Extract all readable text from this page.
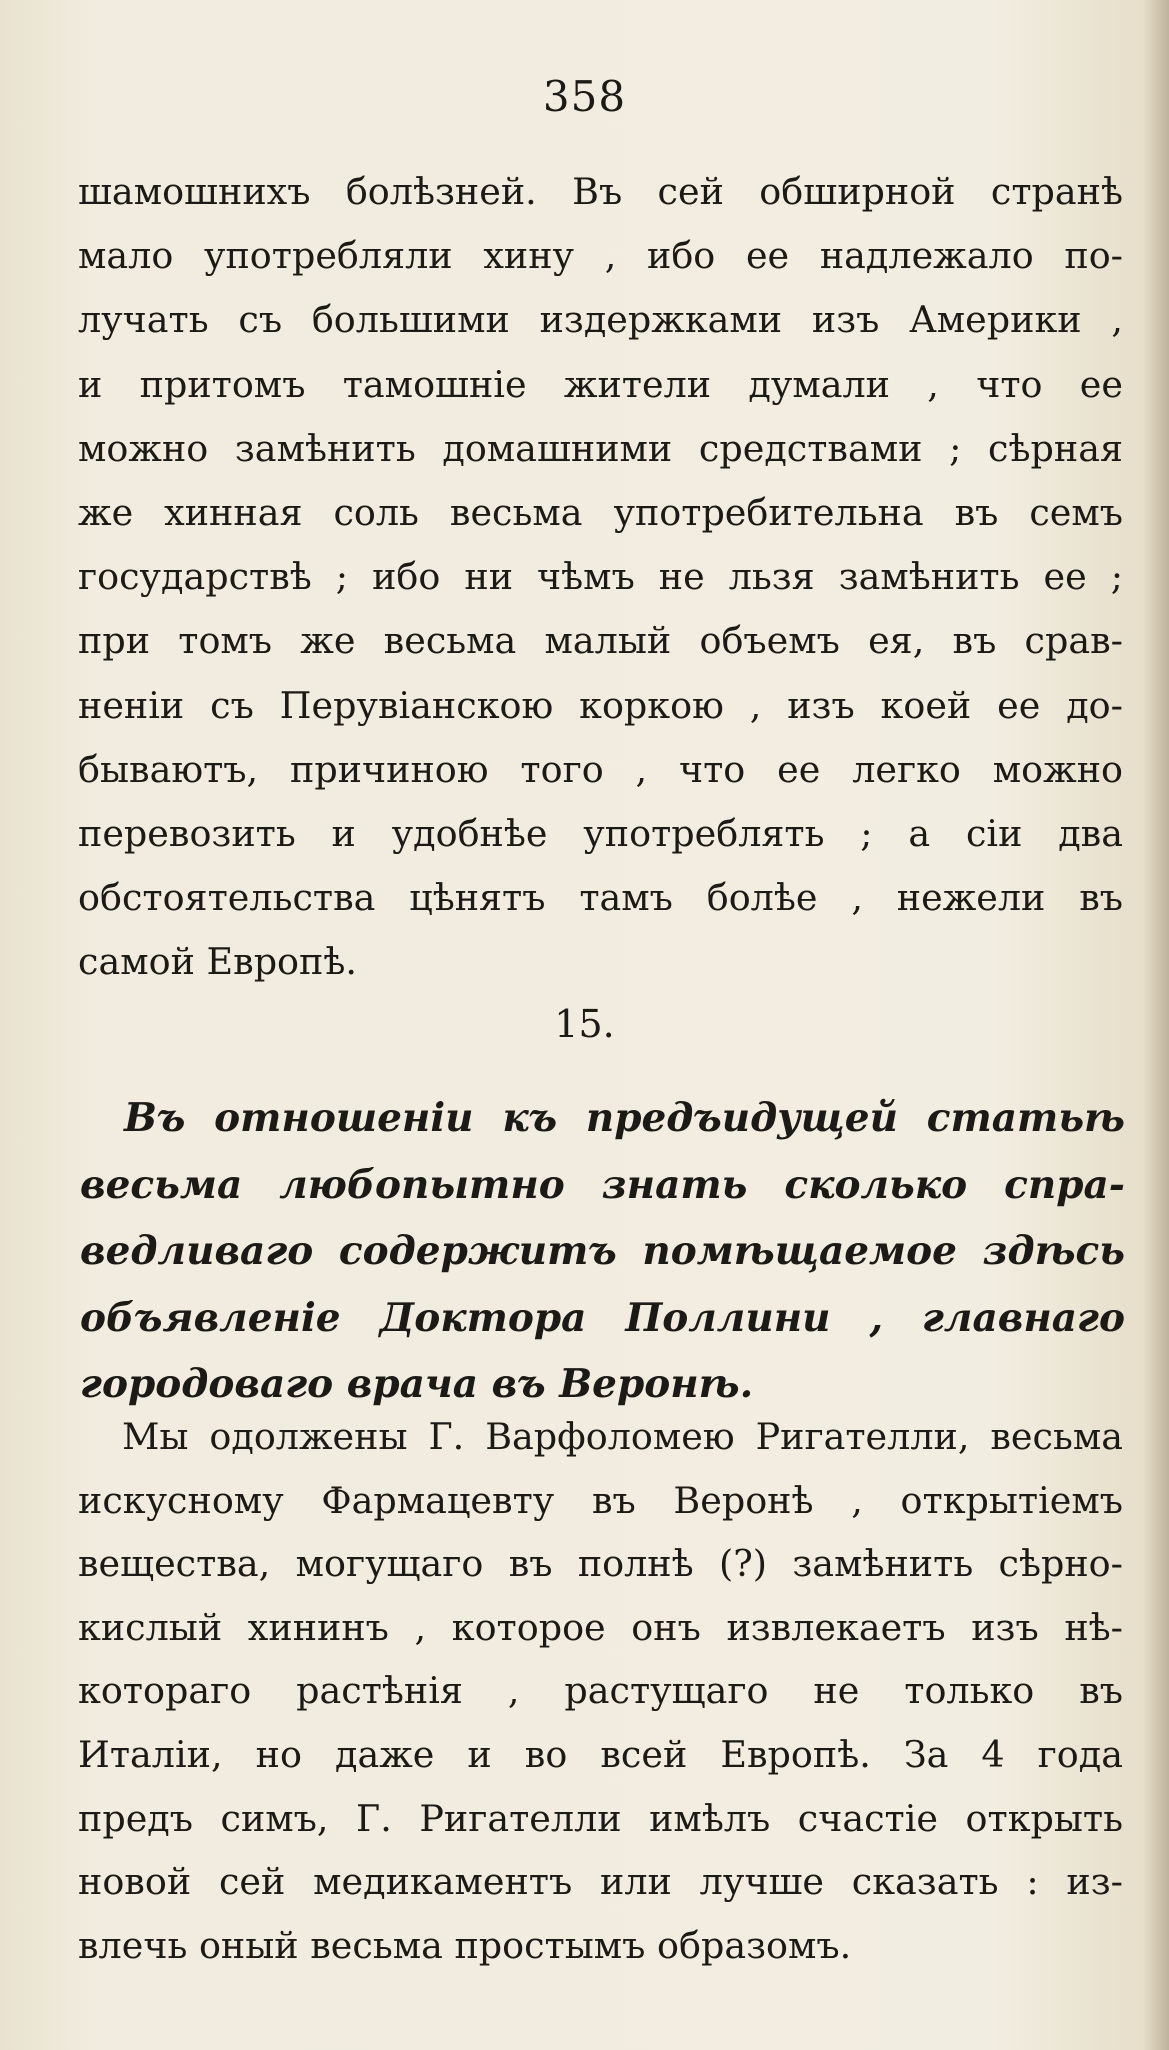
358
шамошнихъ болѣзней. Въ сей обширной странѣ
мало употребляли хину , ибо ее надлежало по-
лучать съ большими издержками изъ Америки ,
и притомъ тамошніе жители думали , что ее
можно замѣнить домашними средствами ; сѣрная
же хинная соль весьма употребительна въ семъ
государствѣ ; ибо ни чѣмъ не льзя замѣнить ее ;
при томъ же весьма малый объемъ ея, въ срав-
неніи съ Перувіанскою коркою , изъ коей ее до-
бываютъ, причиною того , что ее легко можно
перевозить и удобнѣе употреблять ; а сіи два
обстоятельства цѣнятъ тамъ болѣе , нежели въ
самой Европѣ.
15.
Въ отношеніи къ предъидущей статьѣ
весьма любопытно знать сколько спра-
ведливаго содержитъ помѣщаемое здѣсь
объявленіе Доктора Поллини , главнаго
городоваго врача въ Веронѣ.
Мы одолжены Г. Варфоломею Ригателли, весьма
искусному Фармацевту въ Веронѣ , открытіемъ
вещества, могущаго въ полнѣ (?) замѣнить сѣрно-
кислый хининъ , которое онъ извлекаетъ изъ нѣ-
котораго растѣнія , растущаго не только въ
Италіи, но даже и во всей Европѣ. За 4 года
предъ симъ, Г. Ригателли имѣлъ счастіе открыть
новой сей медикаментъ или лучше сказать : из-
влечь оный весьма простымъ образомъ.
